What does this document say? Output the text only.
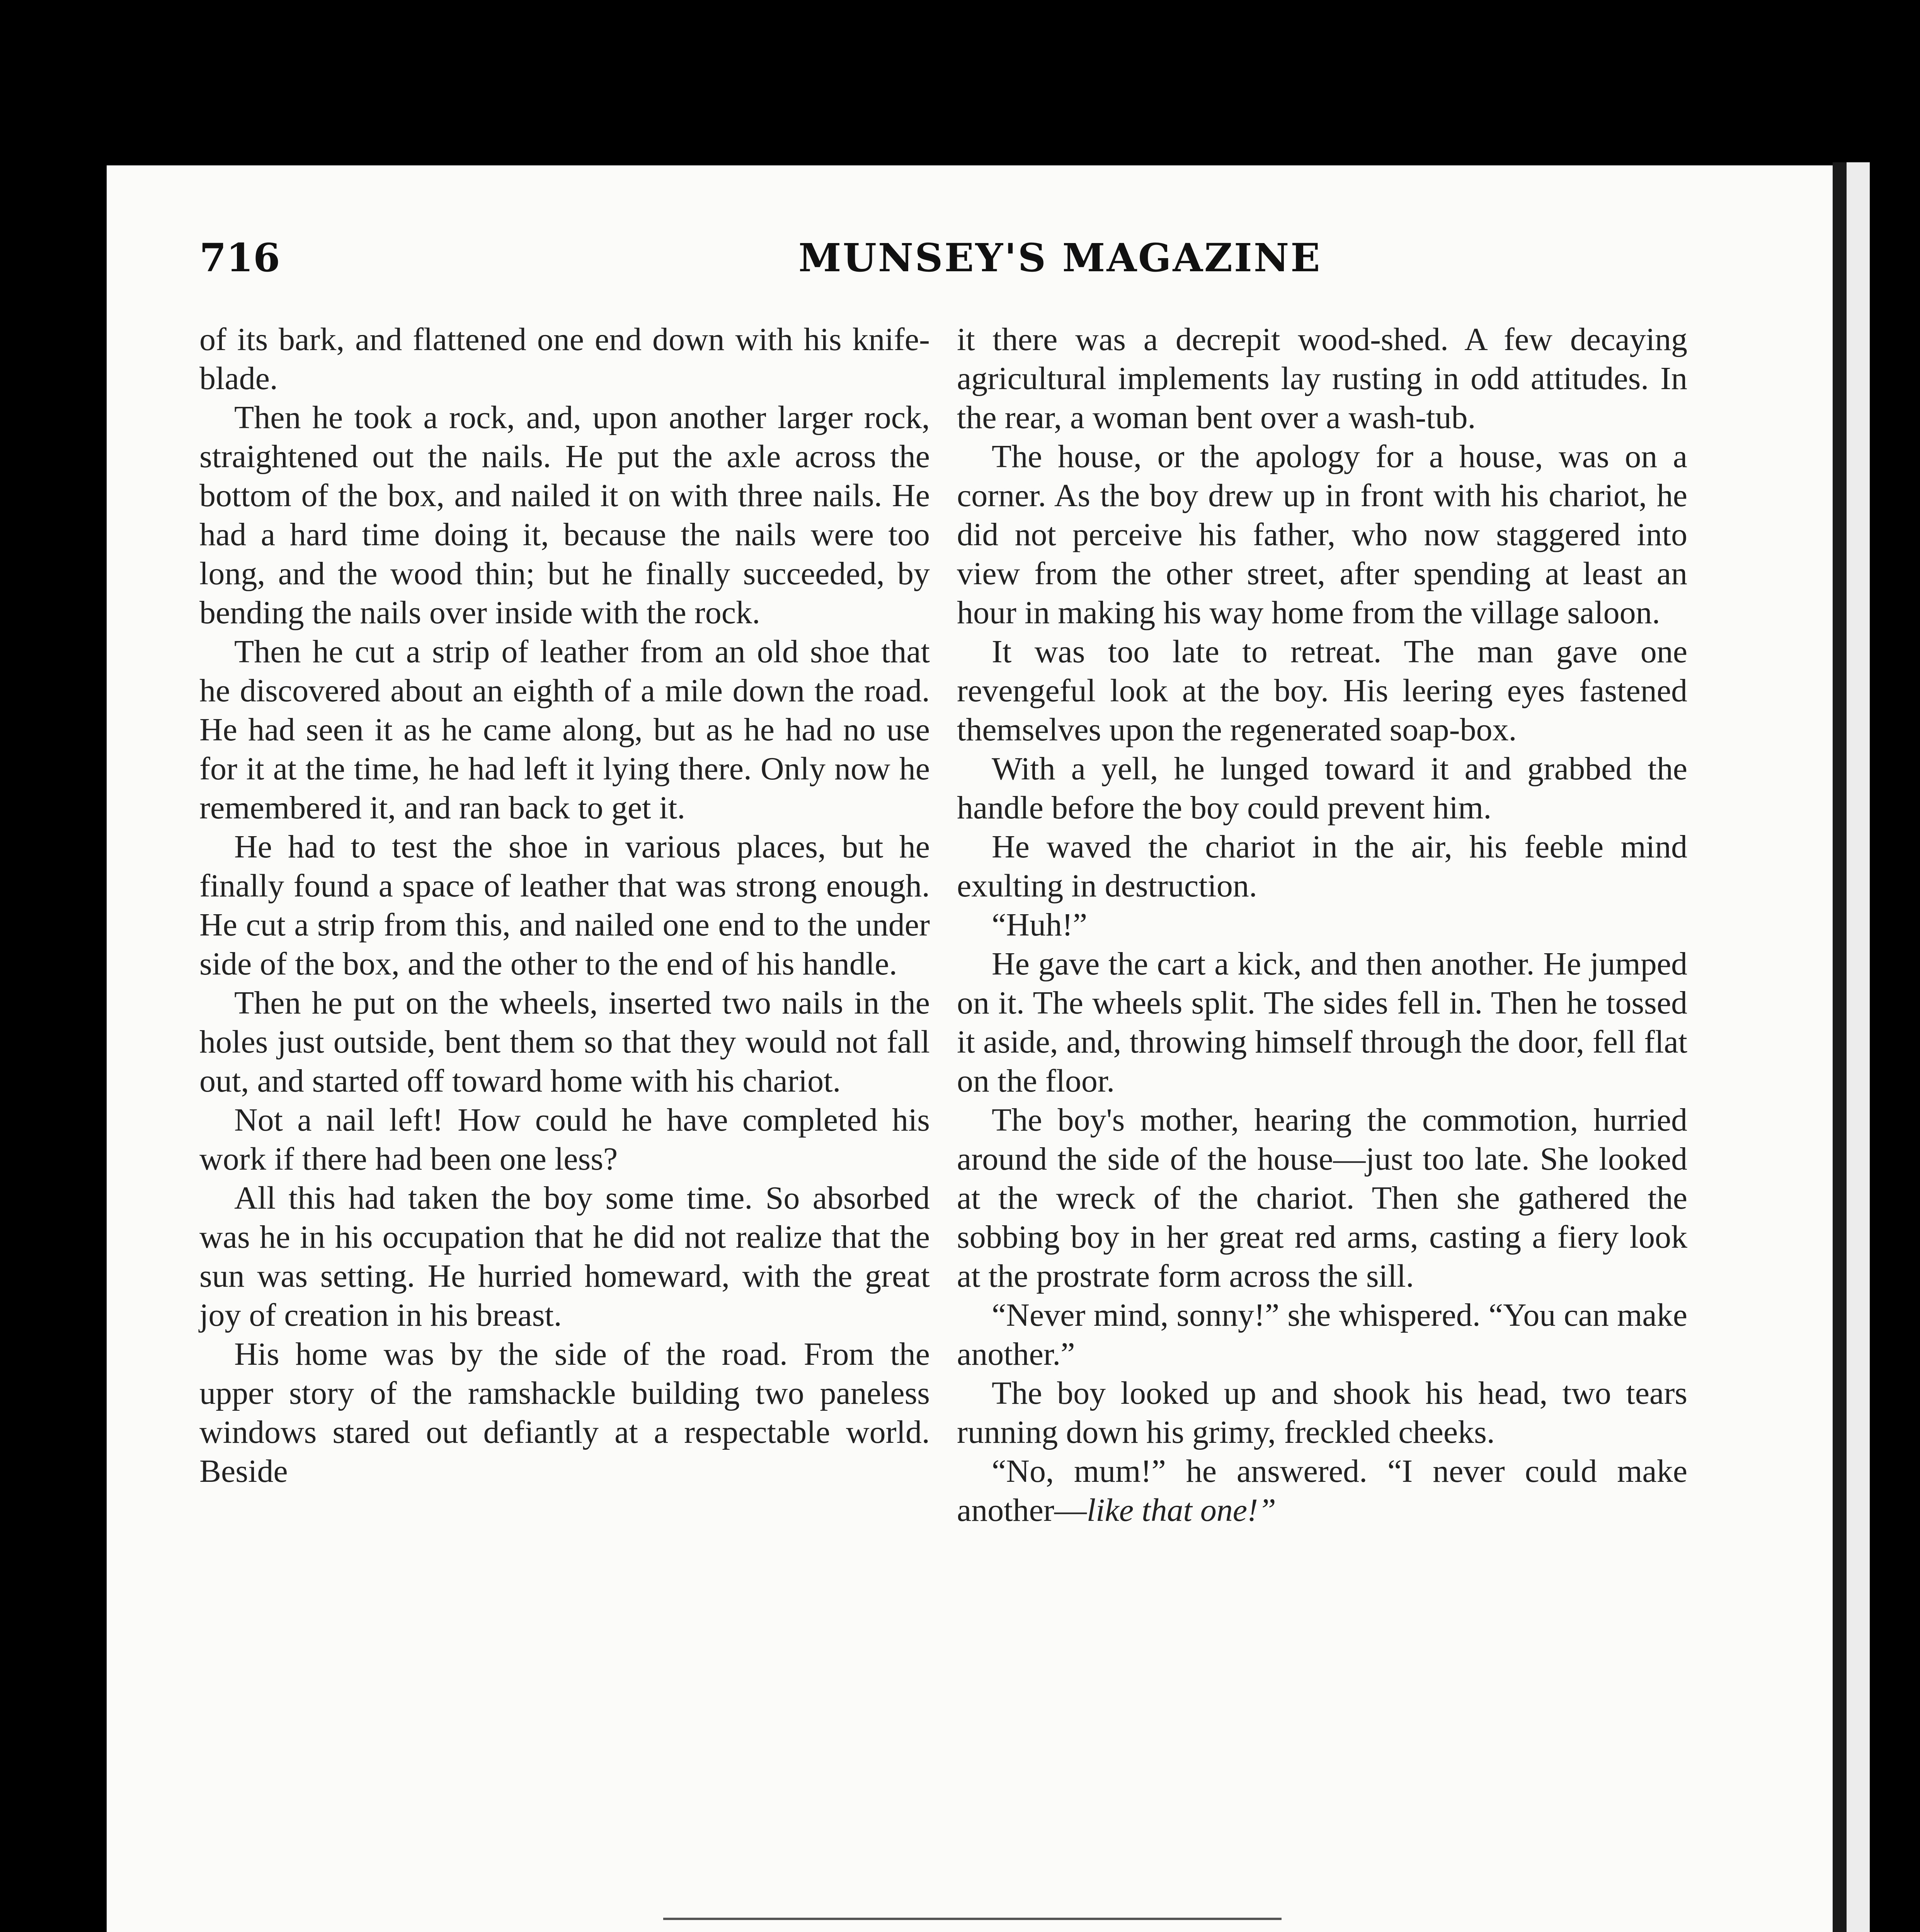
716	MUNSEY'S MAGAZINE

of its bark, and flattened one end down with his knife-blade.

Then he took a rock, and, upon another larger rock, straightened out the nails. He put the axle across the bottom of the box, and nailed it on with three nails. He had a hard time doing it, because the nails were too long, and the wood thin; but he finally succeeded, by bending the nails over inside with the rock.

Then he cut a strip of leather from an old shoe that he discovered about an eighth of a mile down the road. He had seen it as he came along, but as he had no use for it at the time, he had left it lying there. Only now he remembered it, and ran back to get it.

He had to test the shoe in various places, but he finally found a space of leather that was strong enough. He cut a strip from this, and nailed one end to the under side of the box, and the other to the end of his handle.

Then he put on the wheels, inserted two nails in the holes just outside, bent them so that they would not fall out, and started off toward home with his chariot.

Not a nail left! How could he have completed his work if there had been one less?

All this had taken the boy some time. So absorbed was he in his occupation that he did not realize that the sun was setting. He hurried homeward, with the great joy of creation in his breast.

His home was by the side of the road. From the upper story of the ramshackle building two paneless windows stared out defiantly at a respectable world. Beside

it there was a decrepit wood-shed. A few decaying agricultural implements lay rusting in odd attitudes. In the rear, a woman bent over a wash-tub.

The house, or the apology for a house, was on a corner. As the boy drew up in front with his chariot, he did not perceive his father, who now staggered into view from the other street, after spending at least an hour in making his way home from the village saloon.

It was too late to retreat. The man gave one revengeful look at the boy. His leering eyes fastened themselves upon the regenerated soap-box.

With a yell, he lunged toward it and grabbed the handle before the boy could prevent him.

He waved the chariot in the air, his feeble mind exulting in destruction.

“Huh!”

He gave the cart a kick, and then another. He jumped on it. The wheels split. The sides fell in. Then he tossed it aside, and, throwing himself through the door, fell flat on the floor.

The boy's mother, hearing the commotion, hurried around the side of the house—just too late. She looked at the wreck of the chariot. Then she gathered the sobbing boy in her great red arms, casting a fiery look at the prostrate form across the sill.

“Never mind, sonny!” she whispered. “You can make another.”

The boy looked up and shook his head, two tears running down his grimy, freckled cheeks.

“No, mum!” he answered. “I never could make another—like that one!”
